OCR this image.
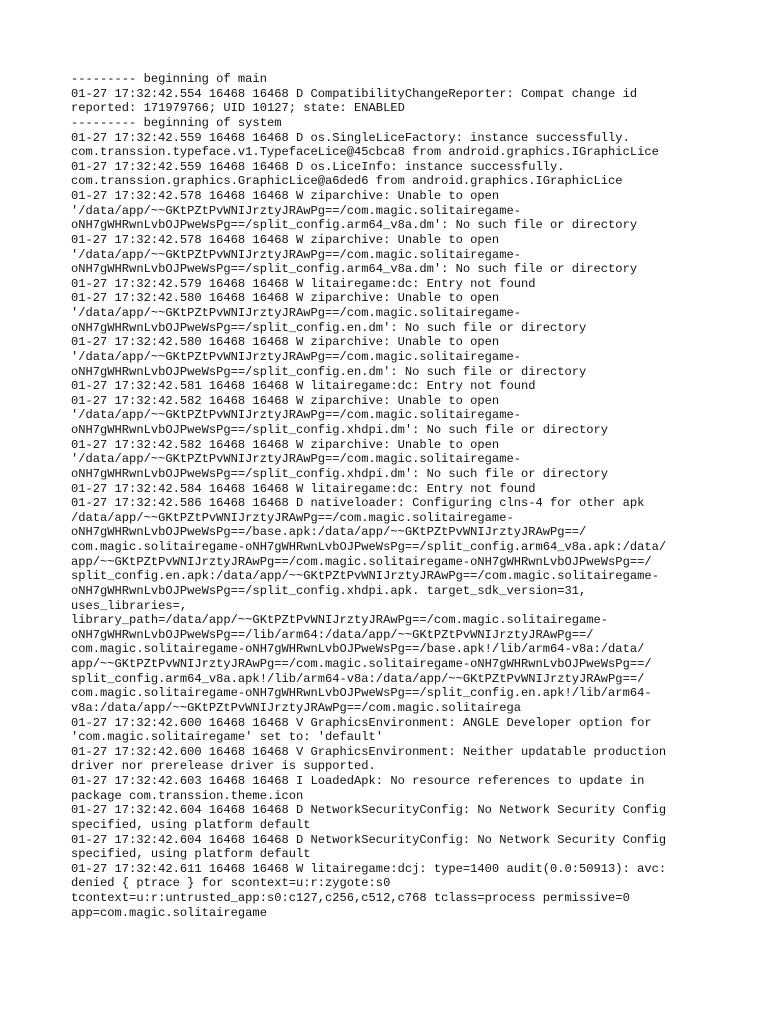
--------- beginning of main
01-27 17:32:42.554 16468 16468 D CompatibilityChangeReporter: Compat change id
reported: 171979766; UID 10127; state: ENABLED
--------- beginning of system
01-27 17:32:42.559 16468 16468 D os.SingleLiceFactory: instance successfully.
com.transsion.typeface.v1.TypefaceLice@45cbca8 from android.graphics.IGraphicLice
01-27 17:32:42.559 16468 16468 D os.LiceInfo: instance successfully.
com.transsion.graphics.GraphicLice@a6ded6 from android.graphics.IGraphicLice
01-27 17:32:42.578 16468 16468 W ziparchive: Unable to open
'/data/app/~~GKtPZtPvWNIJrztyJRAwPg==/com.magic.solitairegame-
oNH7gWHRwnLvbOJPweWsPg==/split_config.arm64_v8a.dm': No such file or directory
01-27 17:32:42.578 16468 16468 W ziparchive: Unable to open
'/data/app/~~GKtPZtPvWNIJrztyJRAwPg==/com.magic.solitairegame-
oNH7gWHRwnLvbOJPweWsPg==/split_config.arm64_v8a.dm': No such file or directory
01-27 17:32:42.579 16468 16468 W litairegame:dc: Entry not found
01-27 17:32:42.580 16468 16468 W ziparchive: Unable to open
'/data/app/~~GKtPZtPvWNIJrztyJRAwPg==/com.magic.solitairegame-
oNH7gWHRwnLvbOJPweWsPg==/split_config.en.dm': No such file or directory
01-27 17:32:42.580 16468 16468 W ziparchive: Unable to open
'/data/app/~~GKtPZtPvWNIJrztyJRAwPg==/com.magic.solitairegame-
oNH7gWHRwnLvbOJPweWsPg==/split_config.en.dm': No such file or directory
01-27 17:32:42.581 16468 16468 W litairegame:dc: Entry not found
01-27 17:32:42.582 16468 16468 W ziparchive: Unable to open
'/data/app/~~GKtPZtPvWNIJrztyJRAwPg==/com.magic.solitairegame-
oNH7gWHRwnLvbOJPweWsPg==/split_config.xhdpi.dm': No such file or directory
01-27 17:32:42.582 16468 16468 W ziparchive: Unable to open
'/data/app/~~GKtPZtPvWNIJrztyJRAwPg==/com.magic.solitairegame-
oNH7gWHRwnLvbOJPweWsPg==/split_config.xhdpi.dm': No such file or directory
01-27 17:32:42.584 16468 16468 W litairegame:dc: Entry not found
01-27 17:32:42.586 16468 16468 D nativeloader: Configuring clns-4 for other apk
/data/app/~~GKtPZtPvWNIJrztyJRAwPg==/com.magic.solitairegame-
oNH7gWHRwnLvbOJPweWsPg==/base.apk:/data/app/~~GKtPZtPvWNIJrztyJRAwPg==/
com.magic.solitairegame-oNH7gWHRwnLvbOJPweWsPg==/split_config.arm64_v8a.apk:/data/
app/~~GKtPZtPvWNIJrztyJRAwPg==/com.magic.solitairegame-oNH7gWHRwnLvbOJPweWsPg==/
split_config.en.apk:/data/app/~~GKtPZtPvWNIJrztyJRAwPg==/com.magic.solitairegame-
oNH7gWHRwnLvbOJPweWsPg==/split_config.xhdpi.apk. target_sdk_version=31,
uses_libraries=,
library_path=/data/app/~~GKtPZtPvWNIJrztyJRAwPg==/com.magic.solitairegame-
oNH7gWHRwnLvbOJPweWsPg==/lib/arm64:/data/app/~~GKtPZtPvWNIJrztyJRAwPg==/
com.magic.solitairegame-oNH7gWHRwnLvbOJPweWsPg==/base.apk!/lib/arm64-v8a:/data/
app/~~GKtPZtPvWNIJrztyJRAwPg==/com.magic.solitairegame-oNH7gWHRwnLvbOJPweWsPg==/
split_config.arm64_v8a.apk!/lib/arm64-v8a:/data/app/~~GKtPZtPvWNIJrztyJRAwPg==/
com.magic.solitairegame-oNH7gWHRwnLvbOJPweWsPg==/split_config.en.apk!/lib/arm64-
v8a:/data/app/~~GKtPZtPvWNIJrztyJRAwPg==/com.magic.solitairega
01-27 17:32:42.600 16468 16468 V GraphicsEnvironment: ANGLE Developer option for
'com.magic.solitairegame' set to: 'default'
01-27 17:32:42.600 16468 16468 V GraphicsEnvironment: Neither updatable production
driver nor prerelease driver is supported.
01-27 17:32:42.603 16468 16468 I LoadedApk: No resource references to update in
package com.transsion.theme.icon
01-27 17:32:42.604 16468 16468 D NetworkSecurityConfig: No Network Security Config
specified, using platform default
01-27 17:32:42.604 16468 16468 D NetworkSecurityConfig: No Network Security Config
specified, using platform default
01-27 17:32:42.611 16468 16468 W litairegame:dcj: type=1400 audit(0.0:50913): avc:
denied { ptrace } for scontext=u:r:zygote:s0
tcontext=u:r:untrusted_app:s0:c127,c256,c512,c768 tclass=process permissive=0
app=com.magic.solitairegame
